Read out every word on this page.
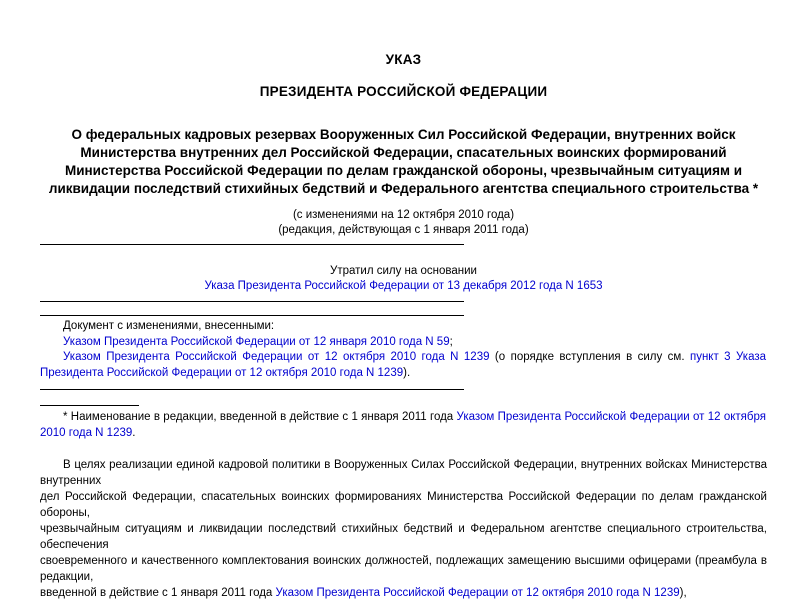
УКАЗ
ПРЕЗИДЕНТА РОССИЙСКОЙ ФЕДЕРАЦИИ
О федеральных кадровых резервах Вооруженных Сил Российской Федерации, внутренних войск
Министерства внутренних дел Российской Федерации, спасательных воинских формирований
Министерства Российской Федерации по делам гражданской обороны, чрезвычайным ситуациям и
ликвидации последствий стихийных бедствий и Федерального агентства специального строительства *
(с изменениями на 12 октября 2010 года)
(редакция, действующая с 1 января 2011 года)
Утратил силу на основании
Указа Президента Российской Федерации от 13 декабря 2012 года N 1653
Документ с изменениями, внесенными:
Указом Президента Российской Федерации от 12 января 2010 года N 59;
Указом Президента Российской Федерации от 12 октября 2010 года N 1239 (о порядке вступления в силу см. пункт 3 Указа Президента Российской Федерации от 12 октября 2010 года N 1239).
* Наименование в редакции, введенной в действие с 1 января 2011 года Указом Президента Российской Федерации от 12 октября 2010 года N 1239.
В целях реализации единой кадровой политики в Вооруженных Силах Российской Федерации, внутренних войсках Министерства внутренних
дел Российской Федерации, спасательных воинских формированиях Министерства Российской Федерации по делам гражданской обороны,
чрезвычайным ситуациям и ликвидации последствий стихийных бедствий и Федеральном агентстве специального строительства, обеспечения
своевременного и качественного комплектования воинских должностей, подлежащих замещению высшими офицерами (преамбула в редакции,
введенной в действие с 1 января 2011 года Указом Президента Российской Федерации от 12 октября 2010 года N 1239),
